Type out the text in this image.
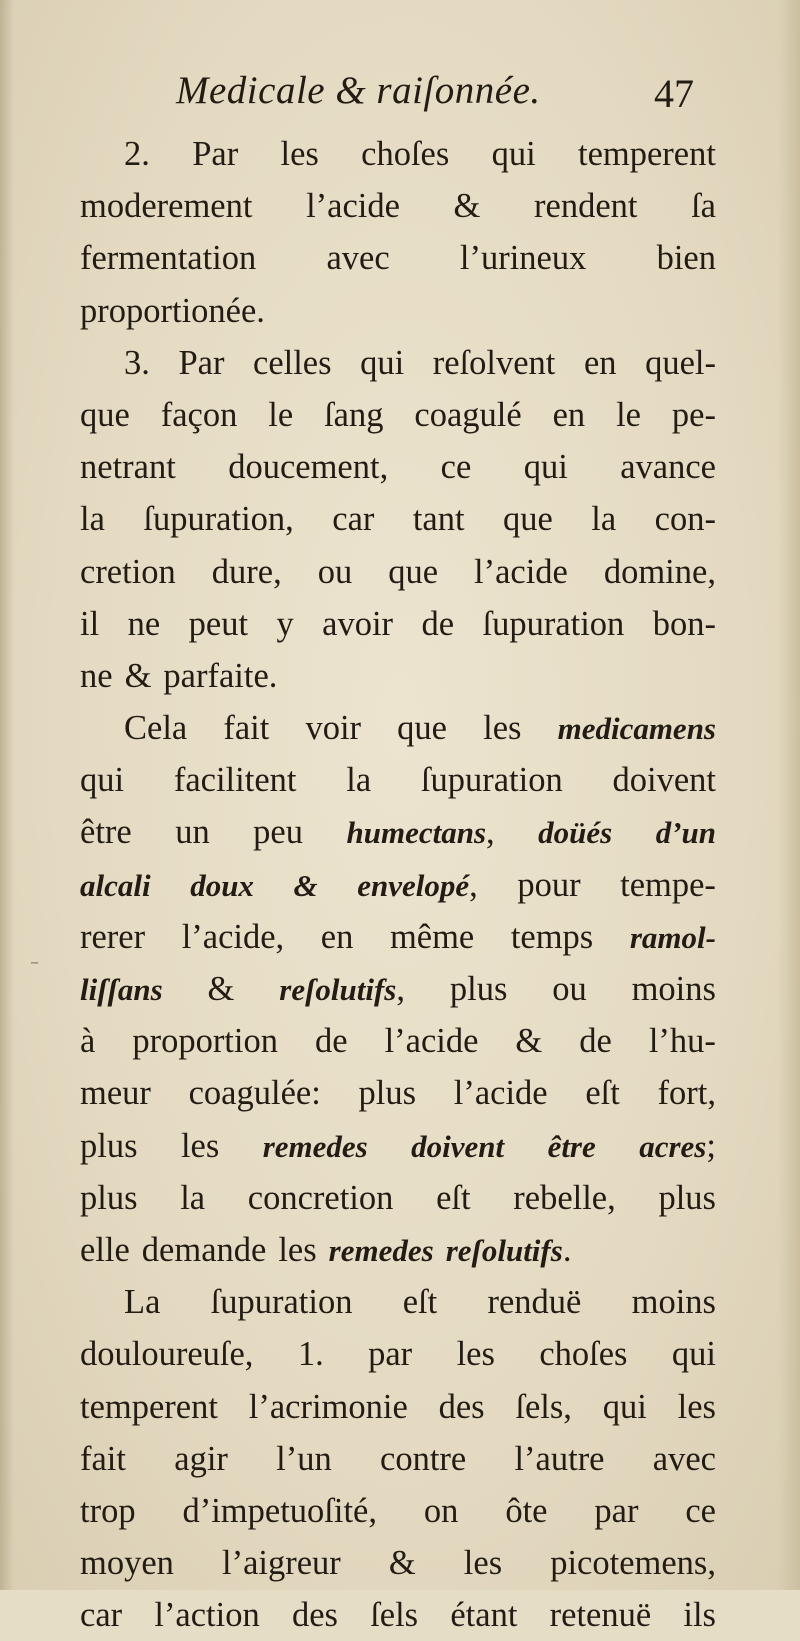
Medicale & raiſonnée.	47
2. Par les choſes qui temperent
moderement l’acide & rendent ſa
fermentation avec l’urineux bien
proportionée.
3. Par celles qui reſolvent en quel-
que façon le ſang coagulé en le pe-
netrant doucement, ce qui avance
la ſupuration, car tant que la con-
cretion dure, ou que l’acide domine,
il ne peut y avoir de ſupuration bon-
ne & parfaite.
Cela fait voir que les medicamens
qui facilitent la ſupuration doivent
être un peu humectans, doüés d’un
alcali doux & envelopé, pour tempe-
rerer l’acide, en même temps ramol-
liſſans & reſolutifs, plus ou moins
à proportion de l’acide & de l’hu-
meur coagulée: plus l’acide eſt fort,
plus les remedes doivent être acres;
plus la concretion eſt rebelle, plus
elle demande les remedes reſolutifs.
La ſupuration eſt renduë moins
douloureuſe, 1. par les choſes qui
temperent l’acrimonie des ſels, qui les
fait agir l’un contre l’autre avec
trop d’impetuoſité, on ôte par ce
moyen l’aigreur & les picotemens,
car l’action des ſels étant retenuë ils
–
